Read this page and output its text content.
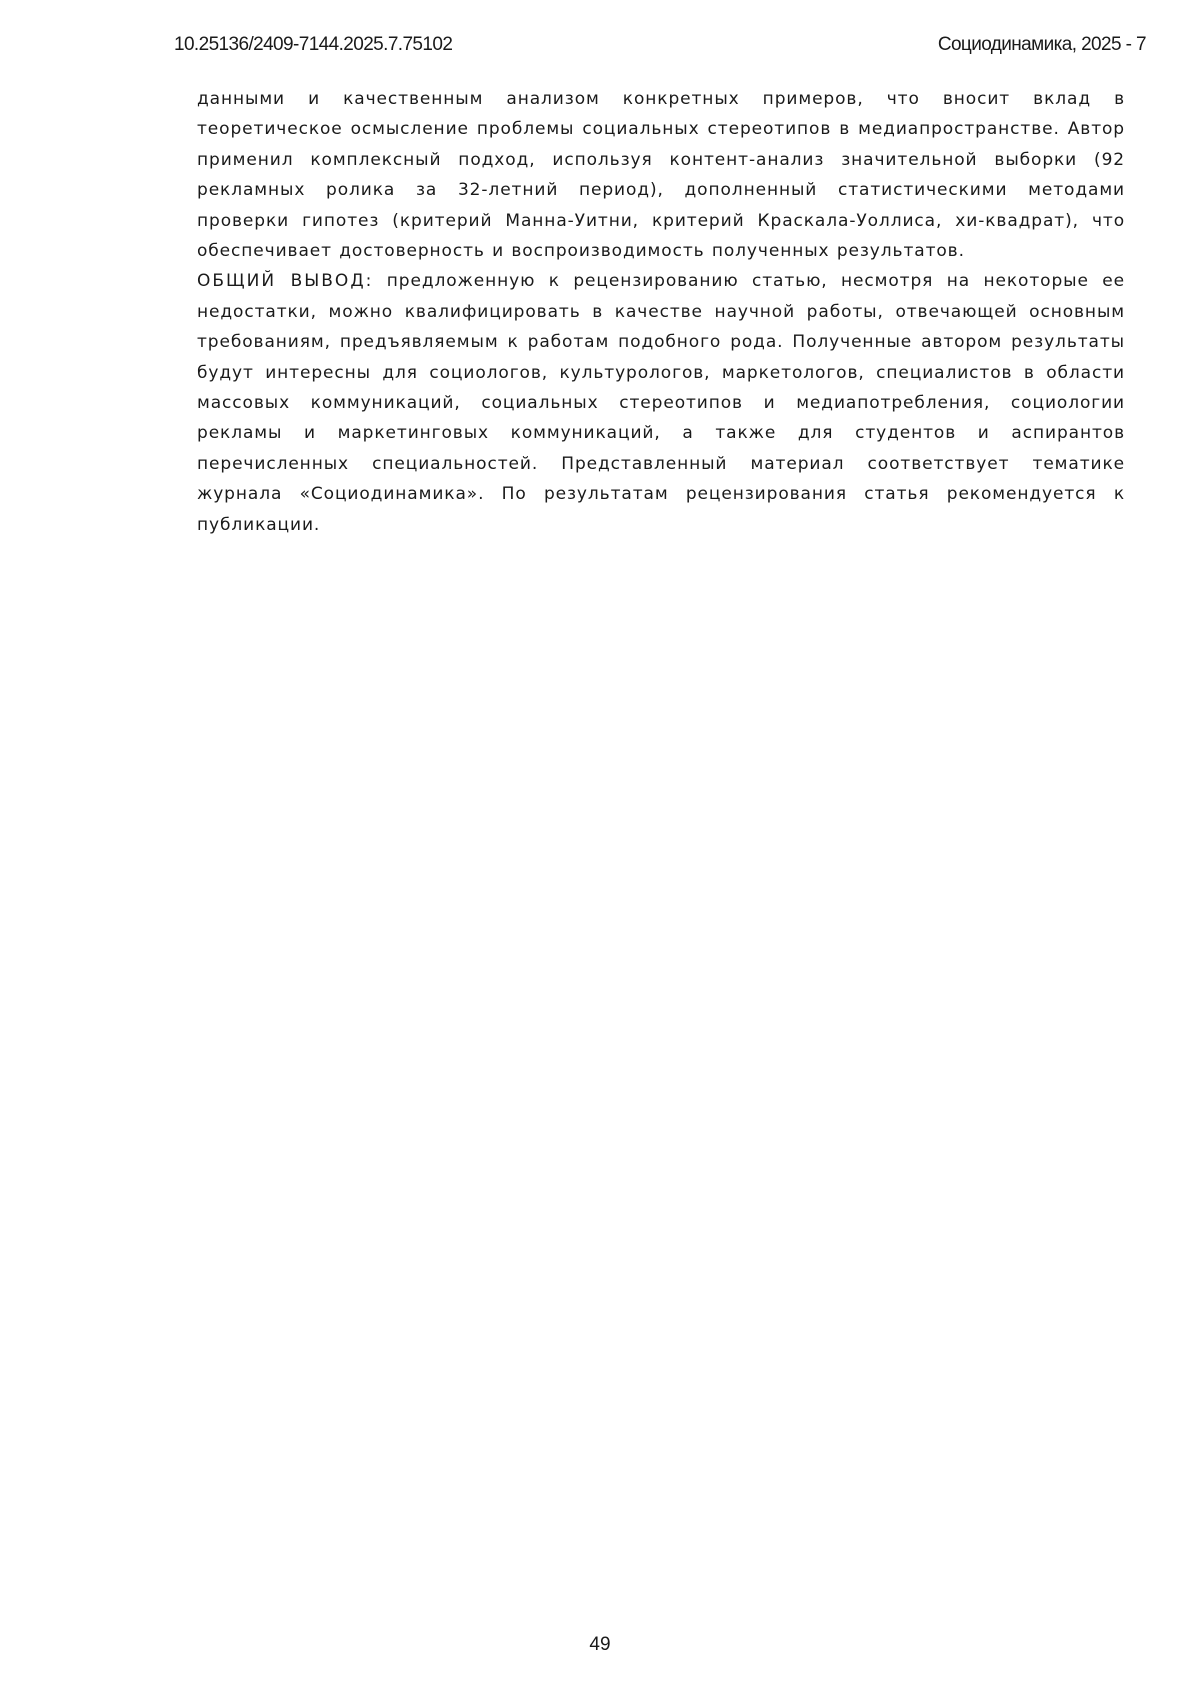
10.25136/2409-7144.2025.7.75102	Социодинамика, 2025 - 7

данными и качественным анализом конкретных примеров, что вносит вклад в теоретическое осмысление проблемы социальных стереотипов в медиапространстве. Автор применил комплексный подход, используя контент-анализ значительной выборки (92 рекламных ролика за 32-летний период), дополненный статистическими методами проверки гипотез (критерий Манна-Уитни, критерий Краскала-Уоллиса, хи-квадрат), что обеспечивает достоверность и воспроизводимость полученных результатов.

ОБЩИЙ ВЫВОД: предложенную к рецензированию статью, несмотря на некоторые ее недостатки, можно квалифицировать в качестве научной работы, отвечающей основным требованиям, предъявляемым к работам подобного рода. Полученные автором результаты будут интересны для социологов, культурологов, маркетологов, специалистов в области массовых коммуникаций, социальных стереотипов и медиапотребления, социологии рекламы и маркетинговых коммуникаций, а также для студентов и аспирантов перечисленных специальностей. Представленный материал соответствует тематике журнала «Социодинамика». По результатам рецензирования статья рекомендуется к публикации.

49
